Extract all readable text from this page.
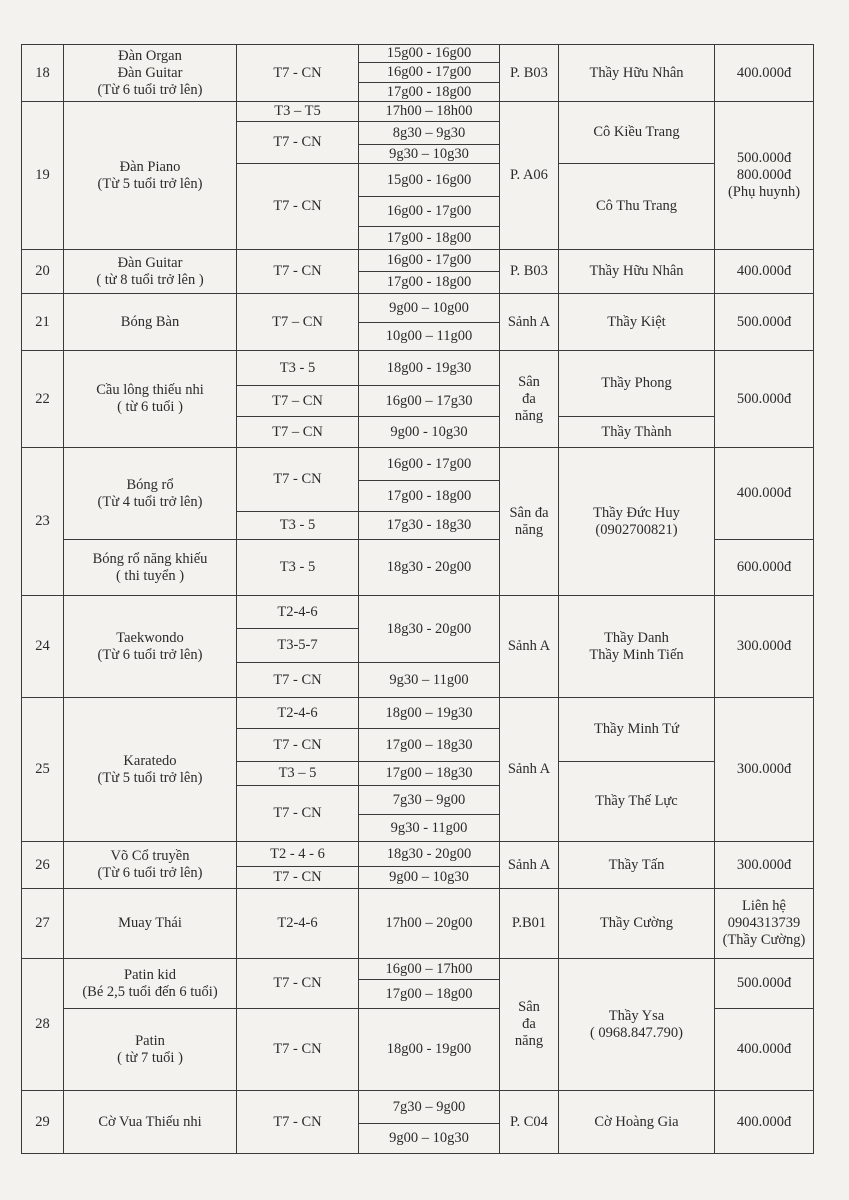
18	Đàn Organ
Đàn Guitar
(Từ 6 tuổi trở lên)	T7 - CN	15g00 - 16g00	P. B03	Thầy Hữu Nhân	400.000đ
			16g00 - 17g00			
			17g00 - 18g00			
19	Đàn Piano
(Từ 5 tuổi trở lên)	T3 – T5	17h00 – 18h00	P. A06	Cô Kiều Trang	500.000đ
800.000đ
(Phụ huynh)
		T7 - CN	8g30 – 9g30			
			9g30 – 10g30			
		T7 - CN	15g00 - 16g00		Cô Thu Trang	
			16g00 - 17g00			
			17g00 - 18g00			
20	Đàn Guitar
( từ 8 tuổi trở lên )	T7 - CN	16g00 - 17g00	P. B03	Thầy Hữu Nhân	400.000đ
			17g00 - 18g00			
21	Bóng Bàn	T7 – CN	9g00 – 10g00	Sảnh A	Thầy Kiệt	500.000đ
			10g00 – 11g00			
22	Cầu lông thiếu nhi
( từ 6 tuổi )	T3 - 5	18g00 - 19g30	Sân
đa
năng	Thầy Phong	500.000đ
		T7 – CN	16g00 – 17g30			
		T7 – CN	9g00 - 10g30		Thầy Thành	
23	Bóng rổ
(Từ 4 tuổi trở lên)	T7 - CN	16g00 - 17g00	Sân đa
năng	Thầy Đức Huy
(0902700821)	400.000đ
			17g00 - 18g00			
		T3 - 5	17g30 - 18g30			
	Bóng rổ năng khiếu
( thi tuyển )	T3 - 5	18g30 - 20g00			600.000đ
24	Taekwondo
(Từ 6 tuổi trở lên)	T2-4-6	18g30 - 20g00	Sảnh A	Thầy Danh
Thầy Minh Tiến	300.000đ
		T3-5-7				
		T7 - CN	9g30 – 11g00			
25	Karatedo
(Từ 5 tuổi trở lên)	T2-4-6	18g00 – 19g30	Sảnh A	Thầy Minh Tứ	300.000đ
		T7 - CN	17g00 – 18g30			
		T3 – 5	17g00 – 18g30		Thầy Thế Lực	
		T7 - CN	7g30 – 9g00			
			9g30 - 11g00			
26	Võ Cổ truyền
(Từ 6 tuổi trở lên)	T2 - 4 - 6	18g30 - 20g00	Sảnh A	Thầy Tấn	300.000đ
		T7 - CN	9g00 – 10g30			
27	Muay Thái	T2-4-6	17h00 – 20g00	P.B01	Thầy Cường	Liên hệ
0904313739
(Thầy Cường)
28	Patin kid
(Bé 2,5 tuổi đến 6 tuổi)	T7 - CN	16g00 – 17h00	Sân
đa
năng	Thầy Ysa
( 0968.847.790)	500.000đ
			17g00 – 18g00			
	Patin
( từ 7 tuổi )	T7 - CN	18g00 - 19g00			400.000đ
29	Cờ Vua Thiếu nhi	T7 - CN	7g30 – 9g00	P. C04	Cờ Hoàng Gia	400.000đ
			9g00 – 10g30			
